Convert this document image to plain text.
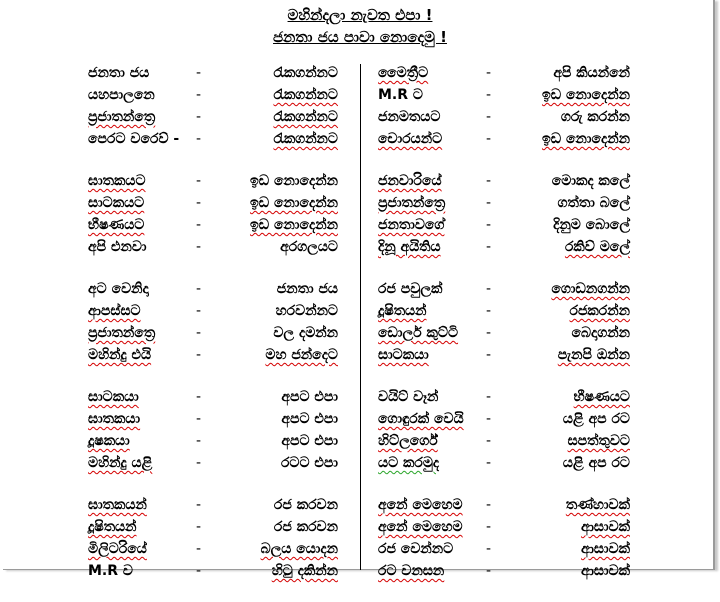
මහින්දලා නැවත එපා !
ජනතා ජය පාවා නොදෙමු !
ජනතා ජය	-	රැකගන්නට
යහපාලනෙ	-	රැකගන්නට
ප්‍රජාතන්ත්‍රෙ	-	රැකගන්නට
පෙරට වරෙව් - -	රැකගන්නට
ඝාතකයට	-	ඉඩ නොදෙන්න
සාටකයට	-	ඉඩ නොදෙන්න
භීෂණයට	-	ඉඩ නොදෙන්න
අපි එනවා	-	අරගලයට
අට වෙනිදා	-	ජනතා ජය
ආපස්සට	-	හරවන්නට
ප්‍රජාතන්ත්‍රෙ	-	වල දමන්න
මහින්දු එයි	-	මහ ජන්දෙට
සාටකයා	-	අපට එපා
ඝාතකයා	-	අපට එපා
දූෂකයා	-	අපට එපා
මහින්දු යළි	-	රටට එපා
ඝාතකයන්	-	රජ කරවන
දූෂිතයන්	-	රජ කරවන
මිලිටරියේ	-	බලය යොදන
M.R ව	-	හිටු දකින්න
මෛත්‍රීට	-	අපි කියන්නේ
M.R ට	-	ඉඩ නොදෙන්න
ජනමතයට	-	ගරු කරන්න
චොරයන්ට	-	ඉඩ නොදෙන්න
ජනවාරියේ	-	මොකද කලේ
ප්‍රජාතන්ත්‍රෙ	-	ගත්තා බලේ
ජනතාවගේ	-	දිනුම බොලේ
දිනූ අයිතිය	-	රකිව් මලේ
රජ පවුලක්	-	ගොඩනගන්න
දූෂිතයන්	-	රජකරන්න
ඩොලර් කුට්ටි -	බෙදාගන්න
සාටකයා	-	පැනපි ඔන්න
වයිට් වෑන්	-	භීෂණයට
ගොඳුරක් වෙයි -	යළි අප රට
හිට්ලර්ගේ	-	සපත්තුවට
යට කරමුද	-	යළි අප රට
අනේ මෙහෙම -	තණ්හාවක්
අනේ මෙහෙම -	ආසාවක්
රජ වෙන්නට -	ආසාවක්
රට වනසන	-	ආසාවක්
